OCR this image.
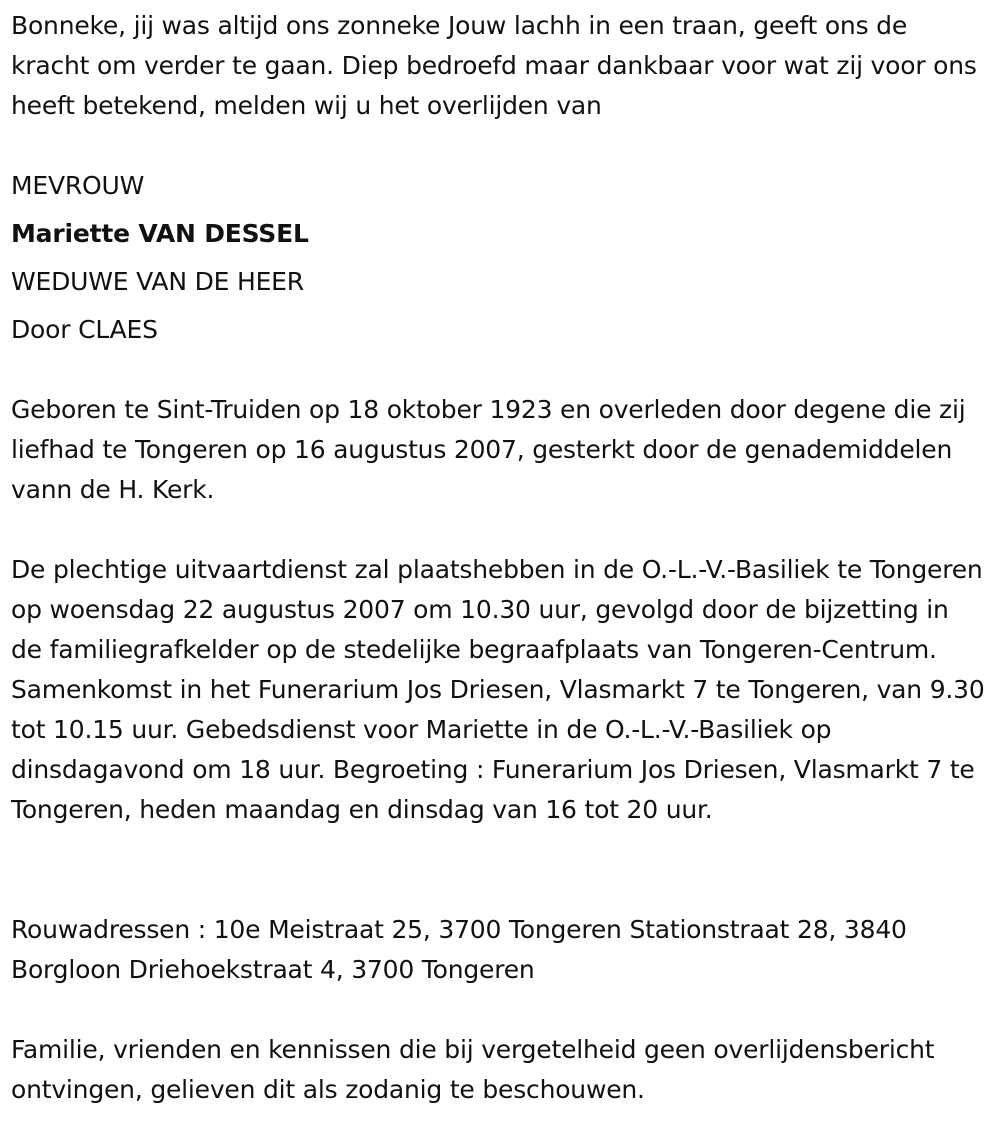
Bonneke, jij was altijd ons zonneke Jouw lachh in een traan, geeft ons de kracht om verder te gaan. Diep bedroefd maar dankbaar voor wat zij voor ons heeft betekend, melden wij u het overlijden van
MEVROUW
Mariette VAN DESSEL
WEDUWE VAN DE HEER
Door CLAES
Geboren te Sint-Truiden op 18 oktober 1923 en overleden door degene die zij liefhad te Tongeren op 16 augustus 2007, gesterkt door de genademiddelen vann de H. Kerk.
De plechtige uitvaartdienst zal plaatshebben in de O.-L.-V.-Basiliek te Tongeren op woensdag 22 augustus 2007 om 10.30 uur, gevolgd door de bijzetting in de familiegrafkelder op de stedelijke begraafplaats van Tongeren-Centrum. Samenkomst in het Funerarium Jos Driesen, Vlasmarkt 7 te Tongeren, van 9.30 tot 10.15 uur. Gebedsdienst voor Mariette in de O.-L.-V.-Basiliek op dinsdagavond om 18 uur. Begroeting : Funerarium Jos Driesen, Vlasmarkt 7 te Tongeren, heden maandag en dinsdag van 16 tot 20 uur.
Rouwadressen : 10e Meistraat 25, 3700 Tongeren Stationstraat 28, 3840 Borgloon Driehoekstraat 4, 3700 Tongeren
Familie, vrienden en kennissen die bij vergetelheid geen overlijdensbericht ontvingen, gelieven dit als zodanig te beschouwen.
